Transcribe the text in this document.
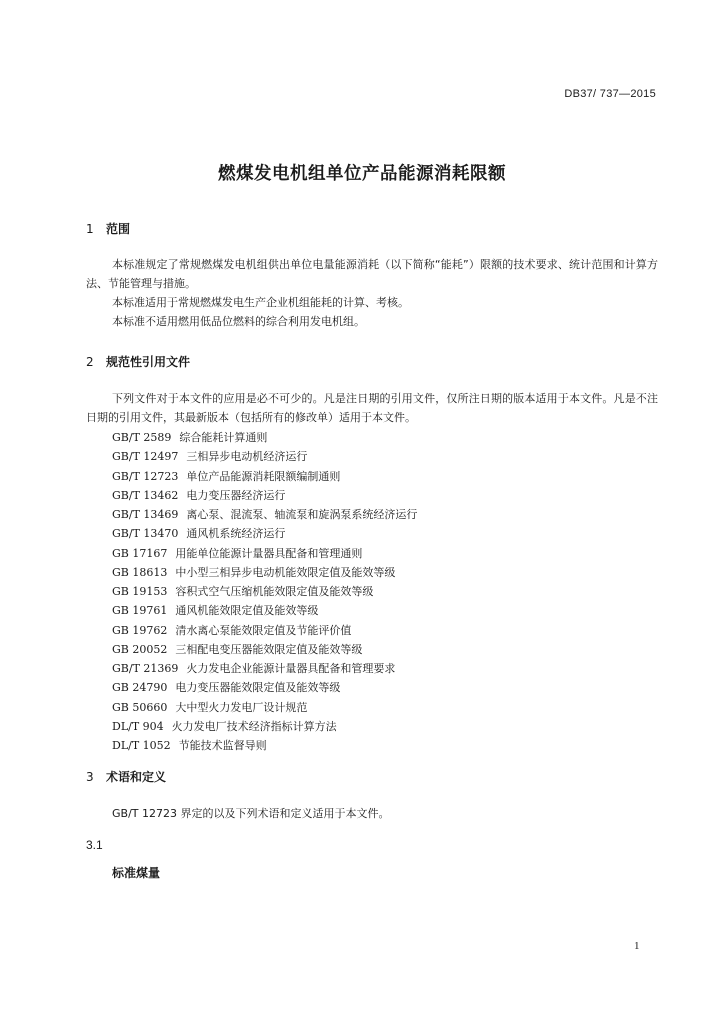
DB37/ 737—2015
燃煤发电机组单位产品能源消耗限额
1 范围
本标准规定了常规燃煤发电机组供出单位电量能源消耗（以下简称“能耗”）限额的技术要求、统计范围和计算方法、节能管理与措施。
本标准适用于常规燃煤发电生产企业机组能耗的计算、考核。
本标准不适用燃用低品位燃料的综合利用发电机组。
2 规范性引用文件
下列文件对于本文件的应用是必不可少的。凡是注日期的引用文件，仅所注日期的版本适用于本文件。凡是不注日期的引用文件，其最新版本（包括所有的修改单）适用于本文件。
GB/T 2589 综合能耗计算通则
GB/T 12497 三相异步电动机经济运行
GB/T 12723 单位产品能源消耗限额编制通则
GB/T 13462 电力变压器经济运行
GB/T 13469 离心泵、混流泵、轴流泵和旋涡泵系统经济运行
GB/T 13470 通风机系统经济运行
GB 17167 用能单位能源计量器具配备和管理通则
GB 18613 中小型三相异步电动机能效限定值及能效等级
GB 19153 容积式空气压缩机能效限定值及能效等级
GB 19761 通风机能效限定值及能效等级
GB 19762 清水离心泵能效限定值及节能评价值
GB 20052 三相配电变压器能效限定值及能效等级
GB/T 21369 火力发电企业能源计量器具配备和管理要求
GB 24790 电力变压器能效限定值及能效等级
GB 50660 大中型火力发电厂设计规范
DL/T 904 火力发电厂技术经济指标计算方法
DL/T 1052 节能技术监督导则
3 术语和定义
GB/T 12723 界定的以及下列术语和定义适用于本文件。
3.1
标准煤量
1
